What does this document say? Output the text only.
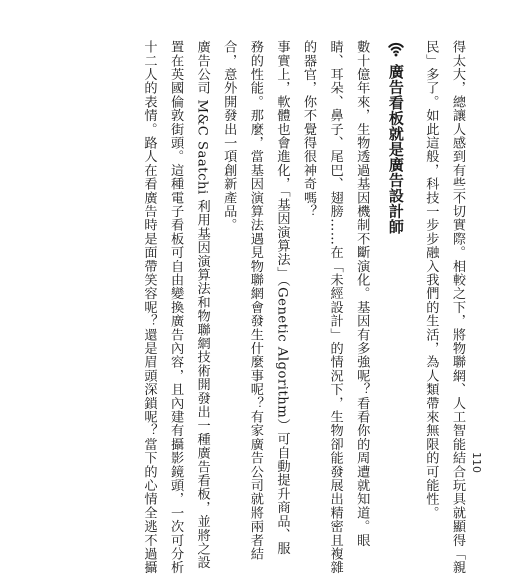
得太大，總讓人感到有些不切實際。相較之下，將物聯網、人工智能結合玩具就顯得「親
民」多了。如此這般，科技一步步融入我們的生活，為人類帶來無限的可能性。
廣告看板就是廣告設計師
數十億年來，生物透過基因機制不斷演化。基因有多強呢？看看你的周遭就知道。眼
睛、耳朵、鼻子、尾巴、翅膀……在「未經設計」的情況下，生物卻能發展出精密且複雜
的器官，你不覺得很神奇嗎？
事實上，軟體也會進化，「基因演算法」（Genetic Algorithm）可自動提升商品、服
務的性能。那麼，當基因演算法遇見物聯網會發生什麼事呢？有家廣告公司就將兩者結
合，意外開發出一項創新產品。
廣告公司 M&C Saatchi 利用基因演算法和物聯網技術開發出一種廣告看板，並將之設
置在英國倫敦街頭。這種電子看板可自由變換廣告內容，且內建有攝影鏡頭，一次可分析
十二人的表情。路人在看廣告時是面帶笑容呢？還是眉頭深鎖呢？當下的心情全逃不過攝	110
